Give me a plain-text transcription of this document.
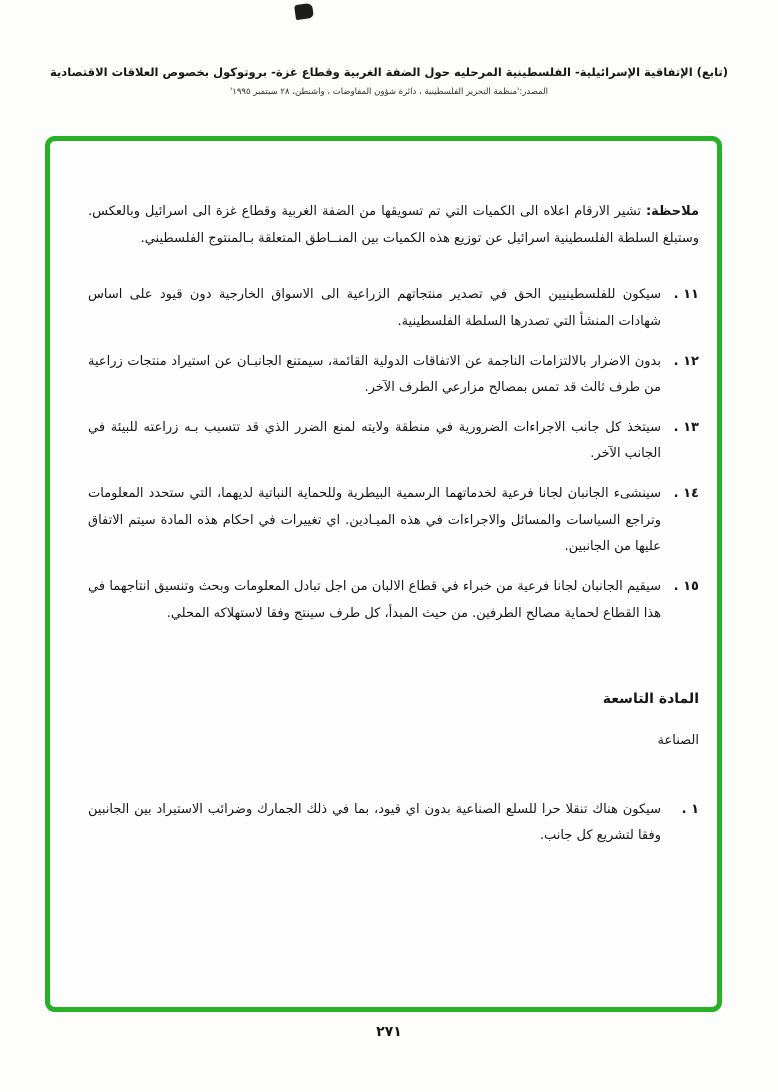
(تابع) الإتفاقية الإسرائيلية- الفلسطينية المرحليه حول الضفة الغربية وقطاع غزة- بروتوكول بخصوص العلاقات الاقتصادية
المصدر:'منظمة التحرير الفلسطينية ، دائرة شؤون المفاوضات ، واشنطن، ٢٨ سبتمبر ١٩٩٥'

ملاحظة: تشير الارقام اعلاه الى الكميات التي تم تسويقها من الضفة الغربية وقطاع غزة الى اسرائيل وبالعكس. وستبلغ السلطة الفلسطينية اسرائيل عن توزيع هذه الكميات بين المنــاطق المتعلقة بـالمنتوج الفلسطيني.

١١ .
سيكون للفلسطينيين الحق في تصدير منتجاتهم الزراعية الى الاسواق الخارجية دون قيود على اساس شهادات المنشأ التي تصدرها السلطة الفلسطينية.
١٢ .
بدون الاضرار بالالتزامات الناجمة عن الاتفاقات الدولية القائمة، سيمتنع الجانبـان عن استيراد منتجات زراعية من طرف ثالث قد تمس بمصالح مزارعي الطرف الآخر.
١٣ .
سيتخذ كل جانب الاجراءات الضرورية في منطقة ولايته لمنع الضرر الذي قد تتسبب بـه زراعته للبيئة في الجانب الآخر.
١٤ .
سينشىء الجانبان لجانا فرعية لخدماتهما الرسمية البيطرية وللحماية النباتية لديهما، التي ستحدد المعلومات وتراجع السياسات والمسائل والاجراءات في هذه الميـادين. اي تغييرات في احكام هذه المادة سيتم الاتفاق عليها من الجانبين.
١٥ .
سيقيم الجانبان لجانا فرعية من خبراء في قطاع الالبان من اجل تبادل المعلومات وبحث وتنسيق انتاجهما في هذا القطاع لحماية مصالح الطرفين. من حيث المبدأ، كل طرف سينتج وفقا لاستهلاكه المحلي.
المادة التاسعة
الصناعة
١ .
سيكون هناك تنقلا حرا للسلع الصناعية بدون اي قيود، بما في ذلك الجمارك وضرائب الاستيراد بين الجانبين وفقا لتشريع كل جانب.
٢٧١
